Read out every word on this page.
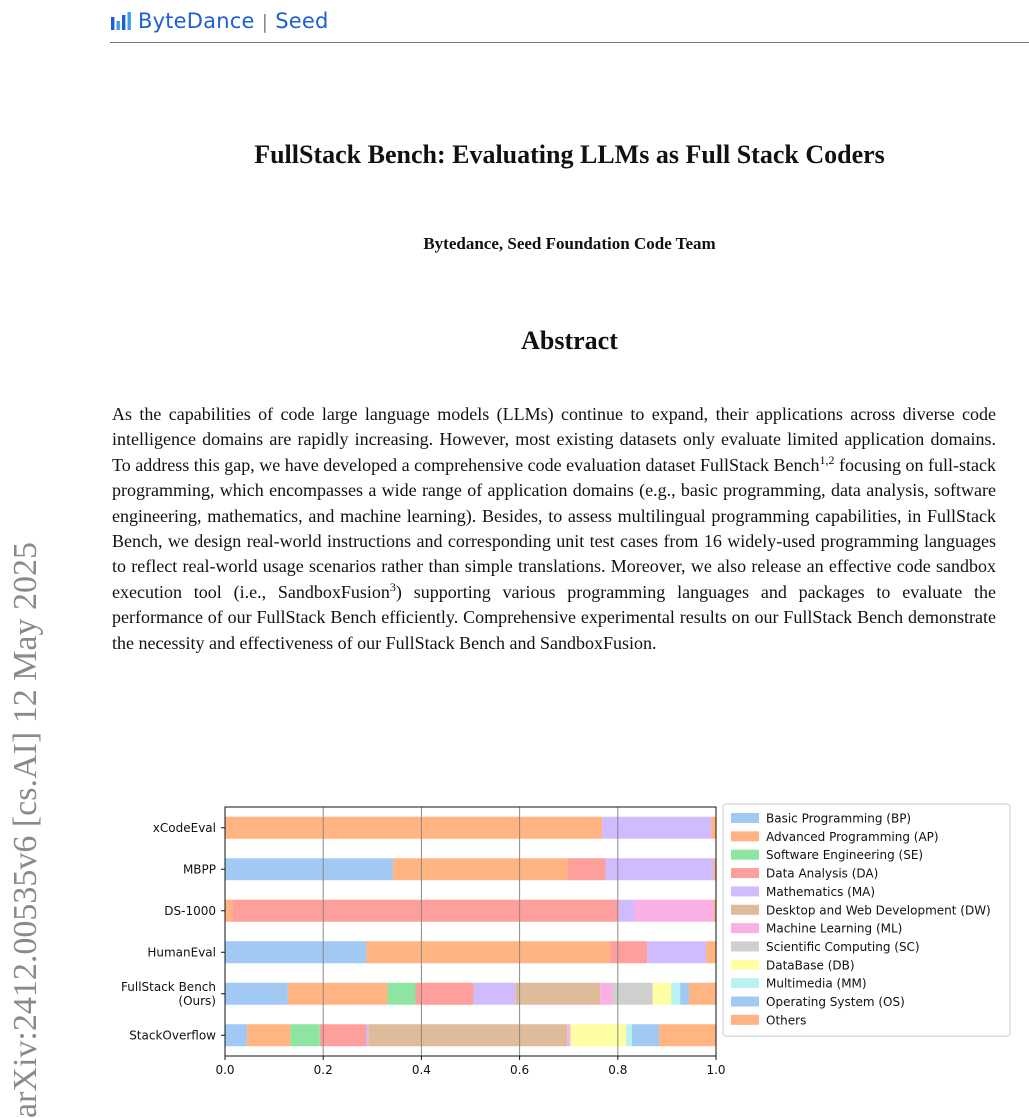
ByteDance | Seed
arXiv:2412.00535v6 [cs.AI] 12 May 2025
FullStack Bench: Evaluating LLMs as Full Stack Coders

Bytedance, Seed Foundation Code Team

Abstract

As the capabilities of code large language models (LLMs) continue to expand, their applications across diverse code intelligence domains are rapidly increasing. However, most existing datasets only evaluate limited application domains. To address this gap, we have developed a comprehensive code evaluation dataset FullStack Bench$^{1,2}$ focusing on full-stack programming, which encompasses a wide range of application domains (e.g., basic programming, data analysis, software engineering, mathematics, and machine learning). Besides, to assess multilingual programming capabilities, in FullStack Bench, we design real-world instructions and corresponding unit test cases from 16 widely-used programming languages to reflect real-world usage scenarios rather than simple translations. Moreover, we also release an effective code sandbox execution tool (i.e., SandboxFusion$^3$) supporting various programming languages and packages to evaluate the performance of our FullStack Bench efficiently. Comprehensive experimental results on our FullStack Bench demonstrate the necessity and effectiveness of our FullStack Bench and SandboxFusion.

0.0	0.2	0.4	0.6	0.8	1.0
xCodeEval
MBPP
DS-1000
HumanEval
FullStack Bench
(Ours)
StackOverflow
Basic Programming (BP)
Advanced Programming (AP)
Software Engineering (SE)
Data Analysis (DA)
Mathematics (MA)
Desktop and Web Development (DW)
Machine Learning (ML)
Scientific Computing (SC)
DataBase (DB)
Multimedia (MM)
Operating System (OS)
Others
